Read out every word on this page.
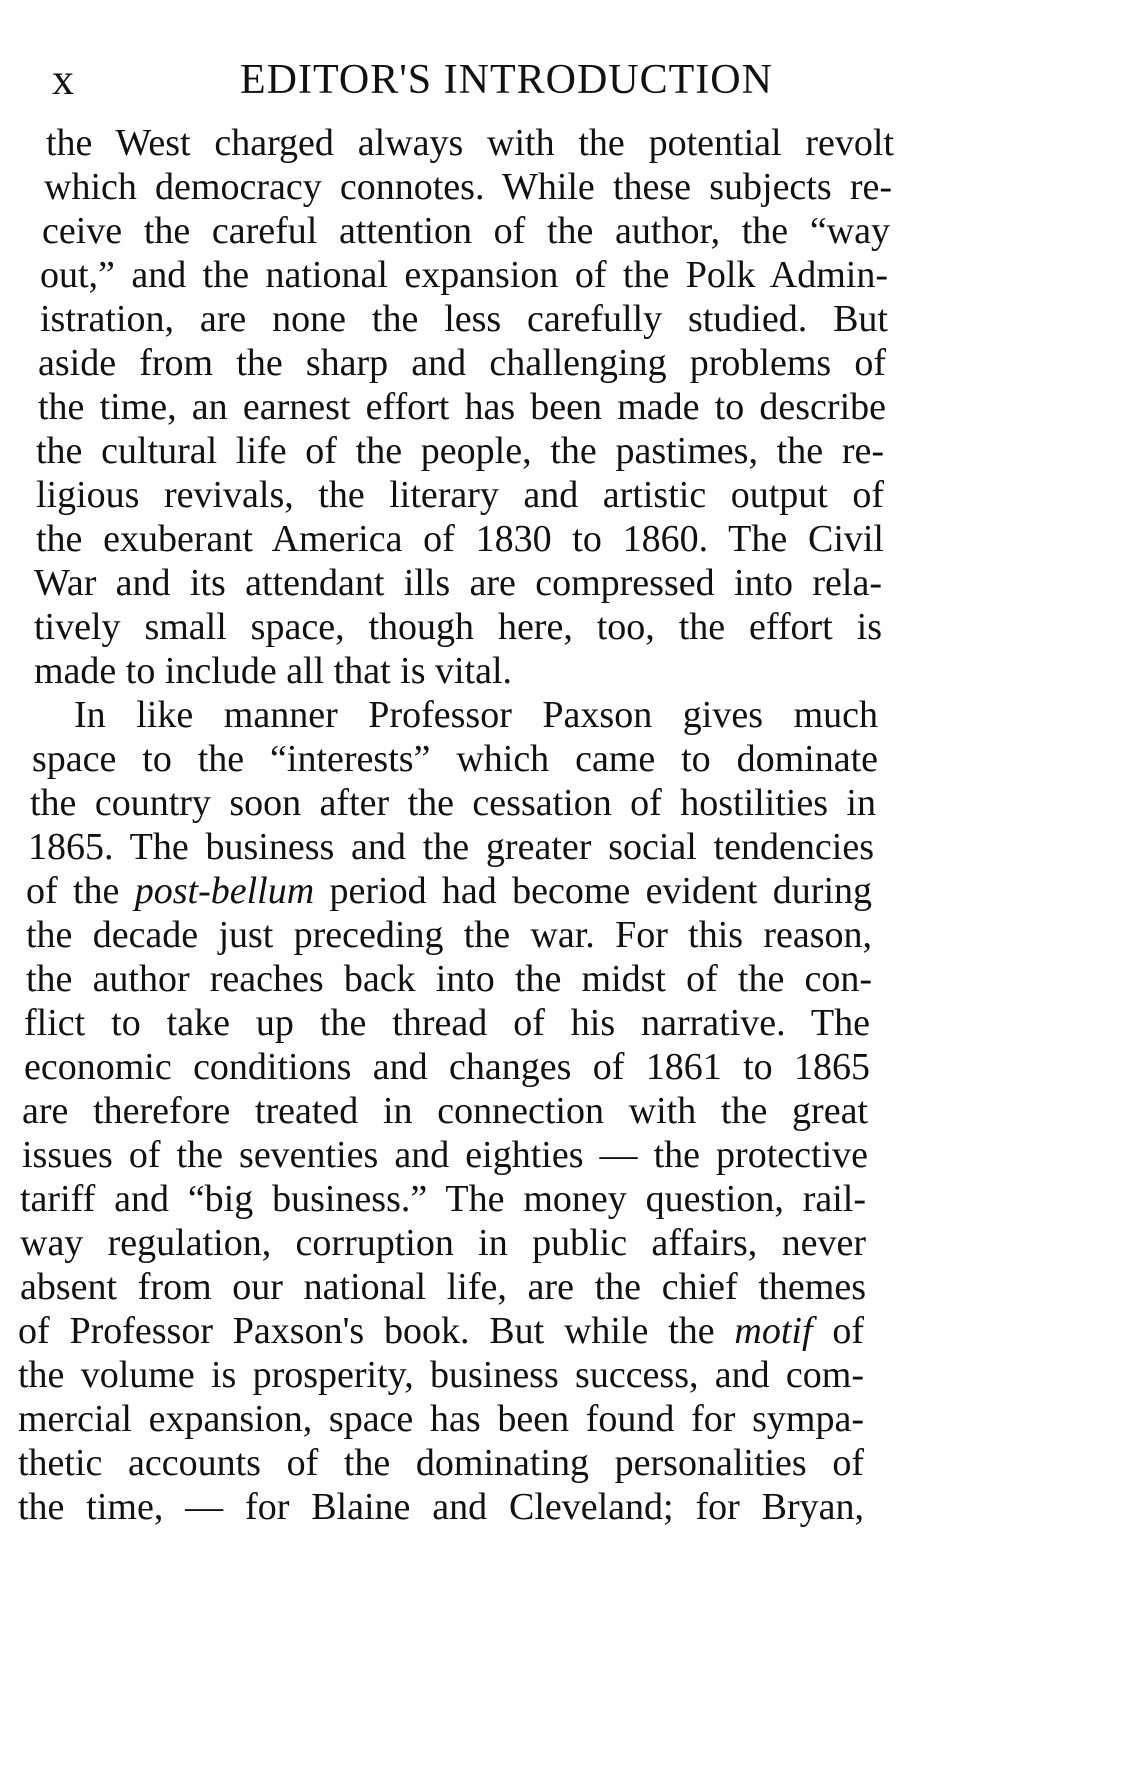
x	EDITOR'S INTRODUCTION
the West charged always with the potential revolt
which democracy connotes. While these subjects re-
ceive the careful attention of the author, the “way
out,” and the national expansion of the Polk Admin-
istration, are none the less carefully studied. But
aside from the sharp and challenging problems of
the time, an earnest effort has been made to describe
the cultural life of the people, the pastimes, the re-
ligious revivals, the literary and artistic output of
the exuberant America of 1830 to 1860. The Civil
War and its attendant ills are compressed into rela-
tively small space, though here, too, the effort is
made to include all that is vital.
In like manner Professor Paxson gives much
space to the “interests” which came to dominate
the country soon after the cessation of hostilities in
1865. The business and the greater social tendencies
of the post-bellum period had become evident during
the decade just preceding the war. For this reason,
the author reaches back into the midst of the con-
flict to take up the thread of his narrative. The
economic conditions and changes of 1861 to 1865
are therefore treated in connection with the great
issues of the seventies and eighties — the protective
tariff and “big business.” The money question, rail-
way regulation, corruption in public affairs, never
absent from our national life, are the chief themes
of Professor Paxson's book. But while the motif of
the volume is prosperity, business success, and com-
mercial expansion, space has been found for sympa-
thetic accounts of the dominating personalities of
the time, — for Blaine and Cleveland; for Bryan,
